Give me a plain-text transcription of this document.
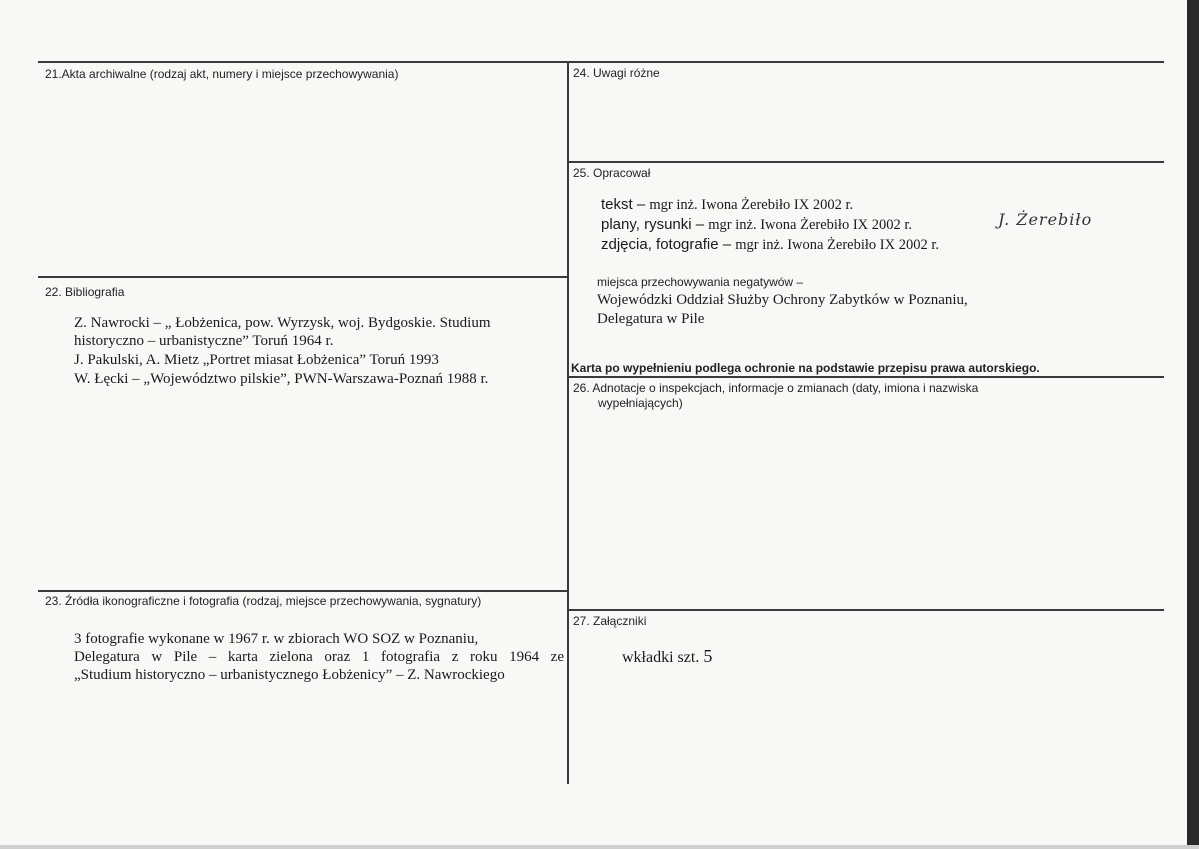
21.Akta archiwalne (rodzaj akt, numery i miejsce przechowywania)
22. Bibliografia
Z. Nawrocki – „ Łobżenica, pow. Wyrzysk, woj. Bydgoskie. Studium
historyczno – urbanistyczne” Toruń 1964 r.
J. Pakulski, A. Mietz „Portret miasat Łobżenica” Toruń 1993
W. Łęcki – „Województwo pilskie”, PWN-Warszawa-Poznań 1988 r.
23. Źródła ikonograficzne i fotografia (rodzaj, miejsce przechowywania, sygnatury)
3 fotografie wykonane w 1967 r. w zbiorach WO SOZ w Poznaniu,
Delegatura w Pile – karta zielona oraz 1 fotografia z roku 1964 ze
„Studium historyczno – urbanistycznego Łobżenicy” – Z. Nawrockiego
24. Uwagi różne
25. Opracował
tekst – mgr inż. Iwona Żerebiło IX 2002 r.
plany, rysunki – mgr inż. Iwona Żerebiło IX 2002 r.
zdjęcia, fotografie – mgr inż. Iwona Żerebiło IX 2002 r.
J. Żerebiło
miejsca przechowywania negatywów –
Wojewódzki Oddział Służby Ochrony Zabytków w Poznaniu,
Delegatura w Pile
Karta po wypełnieniu podlega ochronie na podstawie przepisu prawa autorskiego.
26. Adnotacje o inspekcjach, informacje o zmianach (daty, imiona i nazwiska
wypełniających)
27. Załączniki
wkładki szt. 5
